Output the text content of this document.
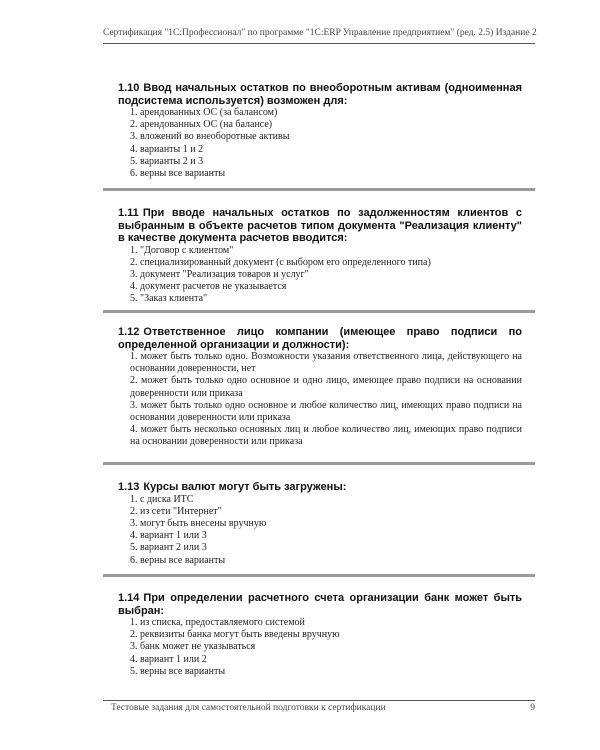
Сертификация "1С:Профессионал" по программе "1С:ERP Управление предприятием" (ред. 2.5) Издание 2

1.10 Ввод начальных остатков по внеоборотным активам (одноименная подсистема используется) возможен для:

1. арендованных ОС (за балансом)
2. арендованных ОС (на балансе)
3. вложений во внеоборотные активы
4. варианты 1 и 2
5. варианты 2 и 3
6. верны все варианты

1.11 При вводе начальных остатков по задолженностям клиентов с выбранным в объекте расчетов типом документа "Реализация клиенту" в качестве документа расчетов вводится:

1. "Договор с клиентом"
2. специализированный документ (с выбором его определенного типа)
3. документ "Реализация товаров и услуг"
4. документ расчетов не указывается
5. "Заказ клиента"

1.12 Ответственное лицо компании (имеющее право подписи по определенной организации и должности):

1. может быть только одно. Возможности указания ответственного лица, действующего на основании доверенности, нет
2. может быть только одно основное и одно лицо, имеющее право подписи на основании доверенности или приказа
3. может быть только одно основное и любое количество лиц, имеющих право подписи на основании доверенности или приказа
4. может быть несколько основных лиц и любое количество лиц, имеющих право подписи на основании доверенности или приказа

1.13 Курсы валют могут быть загружены:

1. с диска ИТС
2. из сети "Интернет"
3. могут быть внесены вручную
4. вариант 1 или 3
5. вариант 2 или 3
6. верны все варианты

1.14 При определении расчетного счета организации банк может быть выбран:

1. из списка, предоставляемого системой
2. реквизиты банка могут быть введены вручную
3. банк может не указываться
4. вариант 1 или 2
5. верны все варианты
Тестовые задания для самостоятельной подготовки к сертификации	9
